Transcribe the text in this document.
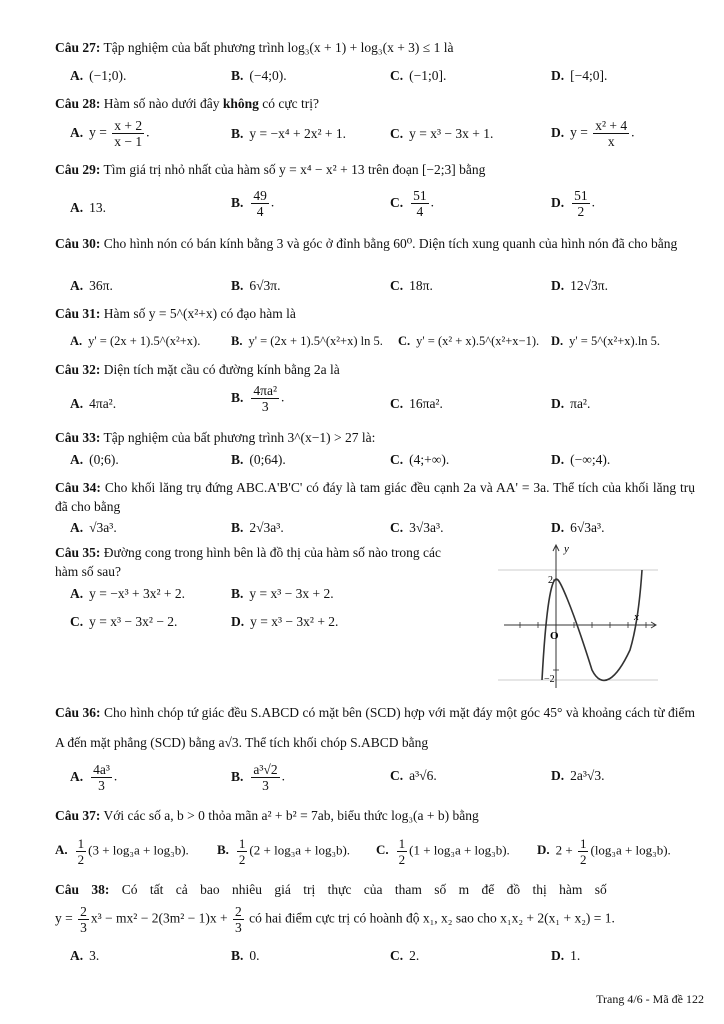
Câu 27: Tập nghiệm của bất phương trình log₃(x + 1) + log₃(x + 3) ≤ 1 là
A. (−1;0).	B. (−4;0).	C. (−1;0].	D. [−4;0].
Câu 28: Hàm số nào dưới đây không có cực trị?
A. $y = \frac{x + 2}{x - 1}$ .	B. y = −x⁴ + 2x² + 1.	C. y = x³ − 3x + 1.	D. $y = \frac{\text{x² + 4}}{x}$ .
Câu 29: Tìm giá trị nhỏ nhất của hàm số y = x⁴ − x² + 13 trên đoạn [−2;3] bằng
A. 13.	B. $\frac{49}{4}$ .	C. $\frac{51}{4}$ .	D. $\frac{51}{2}$ .
Câu 30: Cho hình nón có bán kính bằng 3 và góc ở đỉnh bằng 60⁰. Diện tích xung quanh của hình nón đã cho bằng
A. 36π.	B. 6√3π.	C. 18π.	D. 12√3π.
Câu 31: Hàm số y = 5^(x²+x) có đạo hàm là
A. y' = (2x + 1).5^(x²+x). B. y' = (2x + 1).5^(x²+x) ln 5. C. y' = (x² + x).5^(x²+x−1). D. y' = 5^(x²+x).ln 5.
Câu 32: Diện tích mặt cầu có đường kính bằng 2a là
A. 4πa².	B. $\frac{\text{4πa²}}{3}$ .	C. 16πa².	D. πa².
Câu 33: Tập nghiệm của bất phương trình 3^(x−1) > 27 là:
A. (0;6).	B. (0;64).	C. (4;+∞).	D. (−∞;4).
Câu 34: Cho khối lăng trụ đứng ABC.A'B'C' có đáy là tam giác đều cạnh 2a và AA' = 3a. Thể tích của khối lăng trụ đã cho bằng
A. √3a³.	B. 2√3a³.	C. 3√3a³.	D. 6√3a³.
Câu 35: Đường cong trong hình bên là đồ thị của hàm số nào trong các hàm số sau?
A. y = −x³ + 3x² + 2.	B. y = x³ − 3x + 2.
C. y = x³ − 3x² − 2.	D. y = x³ − 3x² + 2.
y
x
2
−2
O
Câu 36: Cho hình chóp tứ giác đều S.ABCD có mặt bên (SCD) hợp với mặt đáy một góc 45° và khoảng cách từ điểm A đến mặt phẳng (SCD) bằng a√3. Thể tích khối chóp S.ABCD bằng
A. $\frac{\text{4a³}}{3}$ .	B. $\frac{\text{a³√2}}{3}$ .	C. a³√6.	D. 2a³√3.
Câu 37: Với các số a, b > 0 thỏa mãn a² + b² = 7ab, biểu thức log₃(a + b) bằng
A. $\frac{1}{2} (3 + \log_3a + \log_3b)$. B. $\frac{1}{2} (2 + \log_3a + \log_3b)$. C. $\frac{1}{2} (1 + \log_3a + \log_3b)$. D. $2 + \frac{1}{2} (\log_3a + \log_3b)$.
Câu 38: Có tất cả bao nhiêu giá trị thực của tham số m để đồ thị hàm số
$y = \frac{2}{3} x^3 - mx^2 - 2(3m^2 - 1)x + \frac{2}{3}$ có hai điểm cực trị có hoành độ x₁, x₂ sao cho x₁x₂ + 2(x₁ + x₂) = 1.
A. 3.	B. 0.	C. 2.	D. 1.
Trang 4/6 - Mã đề 122
